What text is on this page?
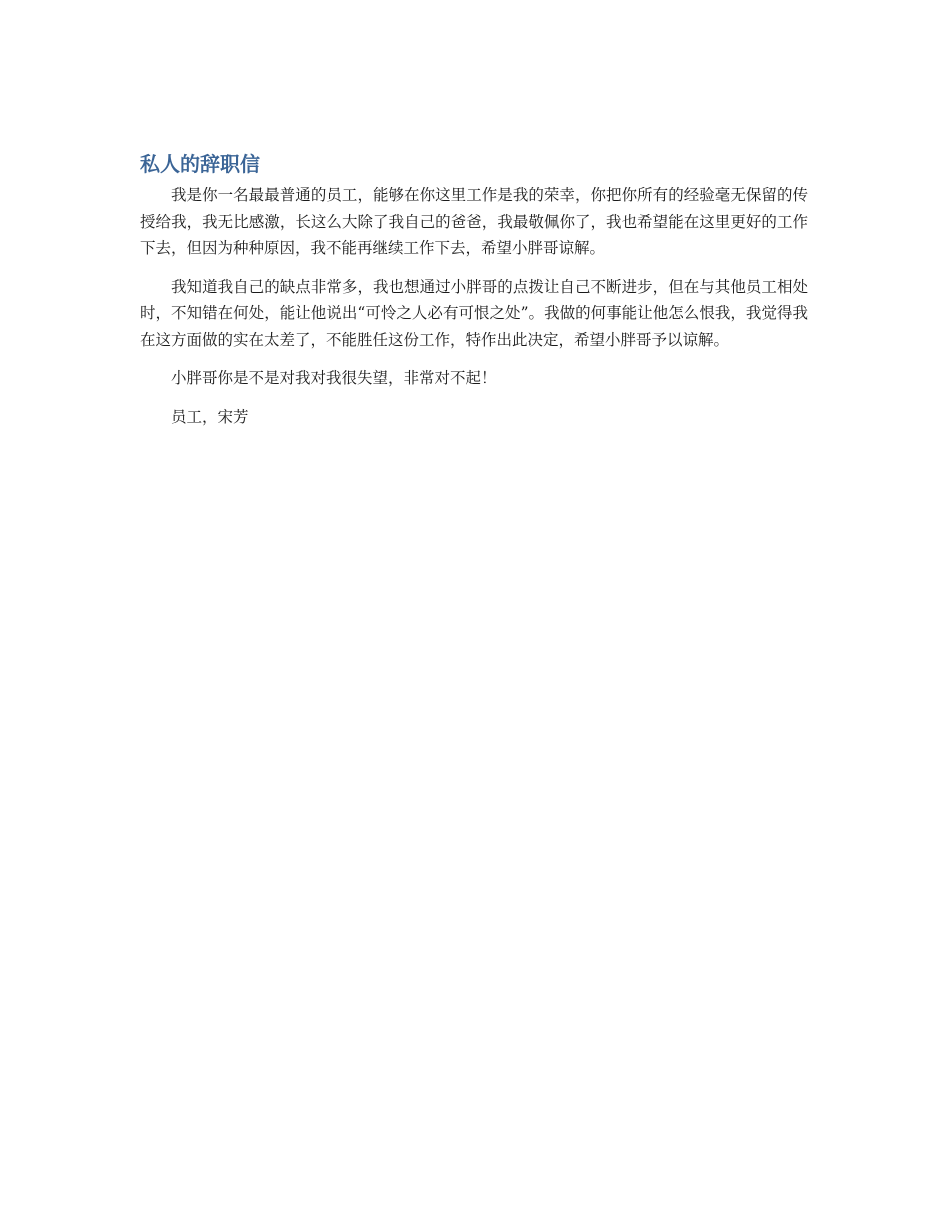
私人的辞职信

我是你一名最最普通的员工，能够在你这里工作是我的荣幸，你把你所有的经验毫无保留的传授给我，我无比感激，长这么大除了我自己的爸爸，我最敬佩你了，我也希望能在这里更好的工作下去，但因为种种原因，我不能再继续工作下去，希望小胖哥谅解。

我知道我自己的缺点非常多，我也想通过小胖哥的点拨让自己不断进步，但在与其他员工相处时，不知错在何处，能让他说出“可怜之人必有可恨之处”。我做的何事能让他怎么恨我，我觉得我在这方面做的实在太差了，不能胜任这份工作，特作出此决定，希望小胖哥予以谅解。

小胖哥你是不是对我对我很失望，非常对不起！

员工，宋芳
